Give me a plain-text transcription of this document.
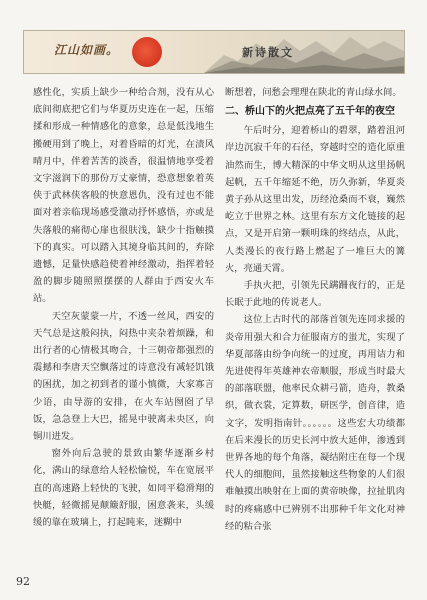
江山如画。	新诗散文

感性化，实质上缺少一种给合剂，没有从心底间彻底把它们与华夏历史连在一起，压缩揉和形成一种情感化的意象，总是低浅地生搬硬用到了晚上，对着昏暗的灯光，在渍风晴月中，伴着苦苦的淡香，很温情地享受着文字滋润下的那份万丈豪情，恐意想象着英侠于武林侠客般的快意恩仇，没有过也不能面对着亲临现场感受激动抒怀感悟，亦或是失落般的痛彻心扉也很肤浅，缺少十指触摸下的真实。可以踏入其境身临其间的，弃除遗憾，足量快感趋使着神经激动，指挥着轻盈的脚步随照照摆摆的人群由于西安火车站。

天空灰蒙蒙一片，不透一丝风，西安的天气总是这般闷执，闷热中夹杂着烦躁，和出行者的心情极其吻合，十三朝帝都强烈的震撼和李唐天空飘落过的诗意没有减轻饥饿的困扰，加之初到者的谨小慎微，大家寡言少语，由导游的安排，在火车站囫囵了早饭，急急登上大巴，摇晃中驶离未央区，向铜川进发。

窗外向后急驶的景致由繁华逐渐乡村化，满山的绿意给人轻松愉悦，车在宽展平直的高速路上轻快的飞驶，如同平稳滑翔的快艇，轻微摇晃颠簸舒服，困意袭来，头缓缓的靠在玻璃上，打起盹来，迷糊中

断想着，问愁会理理在陕北的青山绿水间。

二、桥山下的火把点亮了五千年的夜空

午后时分，迎着桥山的碧翠，踏着沮河岸边沉寂千年的石径，穿越时空的造化原重油然而生，博大精深的中华文明从这里扬帆起帆，五千年缩延不绝，历久弥新，华夏炎黄子孙从这里出发，历经沧桑而不衰，巍然屹立于世界之林。这里有东方文化链接的起点，又是开启第一颗明珠的终结点，从此，人类漫长的夜行路上燃起了一堆巨大的篝火，亮通天霄。

手执火把，引领先民蹒跚夜行的，正是长眠于此地的传说老人。

这位上古时代的部落首领先连同求援的炎帝用强大和合力征服南方的蚩尤，实现了华夏部落由纷争向统一的过度，再用诘力和先进使得年英雄神农帝顺服，形成当时最大的部落联盟，他率民众耕弓箭，造舟，教桑织，做衣裳，定算数，研医学，创音律，造文字，发明指南针。。。。。。这些宏大功绩都在后来漫长的历史长河中放大延伸，渗透到世界各地的每个角落，凝结附庄在每一个现代人的细胞间，虽然接触这些物象的人们很难触摸出映射在上面的黄帝映像，拉扯肌肉时的疼痛感中已辨别不出那种千年文化对神经的粘合张

92
